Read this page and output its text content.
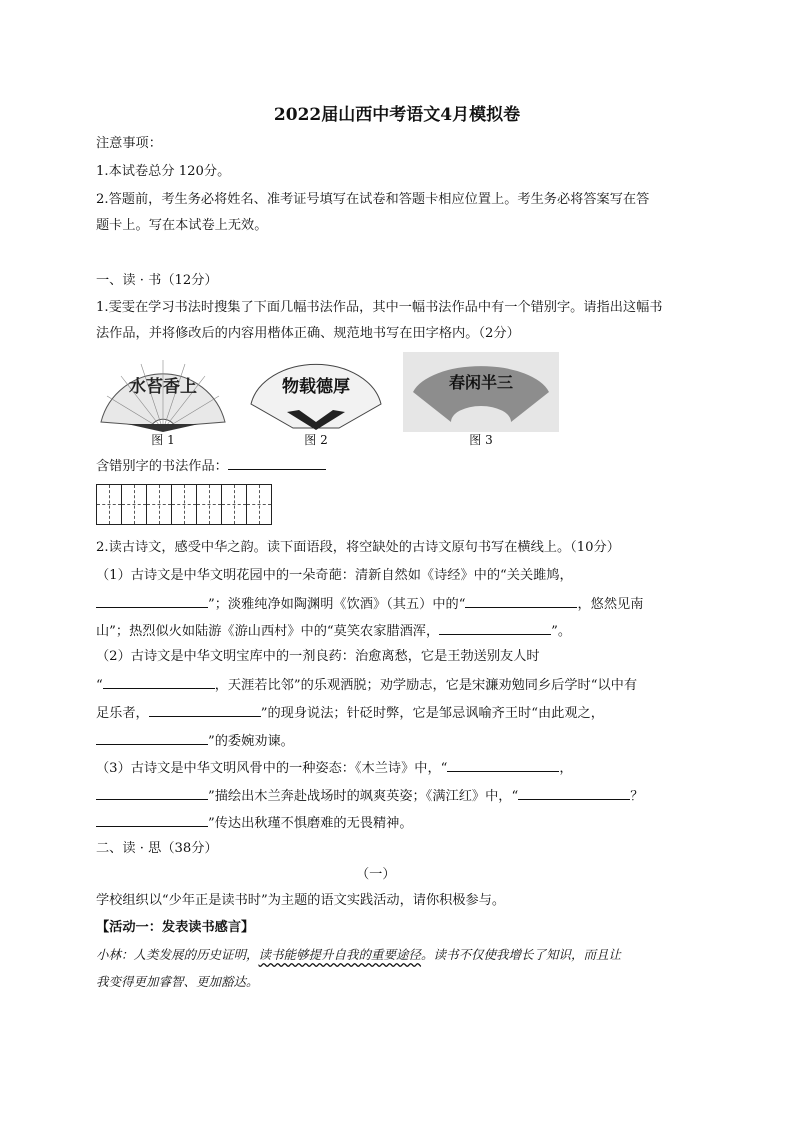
2022届山西中考语文4月模拟卷
注意事项：
1.本试卷总分 120分。
2.答题前，考生务必将姓名、准考证号填写在试卷和答题卡相应位置上。考生务必将答案写在答
题卡上。写在本试卷上无效。
一、读 · 书（12分）
1.雯雯在学习书法时搜集了下面几幅书法作品，其中一幅书法作品中有一个错别字。请指出这幅书
法作品，并将修改后的内容用楷体正确、规范地书写在田字格内。（2分）
水苔香上
图 1
物载德厚
图 2
春闲半三
图 3
含错别字的书法作品：
2.读古诗文，感受中华之韵。读下面语段，将空缺处的古诗文原句书写在横线上。（10分）
（1）古诗文是中华文明花园中的一朵奇葩：清新自然如《诗经》中的“关关雎鸠，
”；淡雅纯净如陶渊明《饮酒》（其五）中的“	，悠然见南
山”；热烈似火如陆游《游山西村》中的“莫笑农家腊酒浑，	”。
（2）古诗文是中华文明宝库中的一剂良药：治愈离愁，它是王勃送别友人时
“	，天涯若比邻”的乐观洒脱；劝学励志，它是宋濂劝勉同乡后学时“以中有
足乐者，	”的现身说法；针砭时弊，它是邹忌讽喻齐王时“由此观之，
”的委婉劝谏。
（3）古诗文是中华文明风骨中的一种姿态：《木兰诗》中，“	，
”描绘出木兰奔赴战场时的飒爽英姿；《满江红》中，“	？
”传达出秋瑾不惧磨难的无畏精神。
二、读 · 思（38分）
（一）
学校组织以“少年正是读书时”为主题的语文实践活动，请你积极参与。
【活动一：发表读书感言】
小林：人类发展的历史证明，读书能够提升自我的重要途径。读书不仅使我增长了知识，而且让
我变得更加睿智、更加豁达。
